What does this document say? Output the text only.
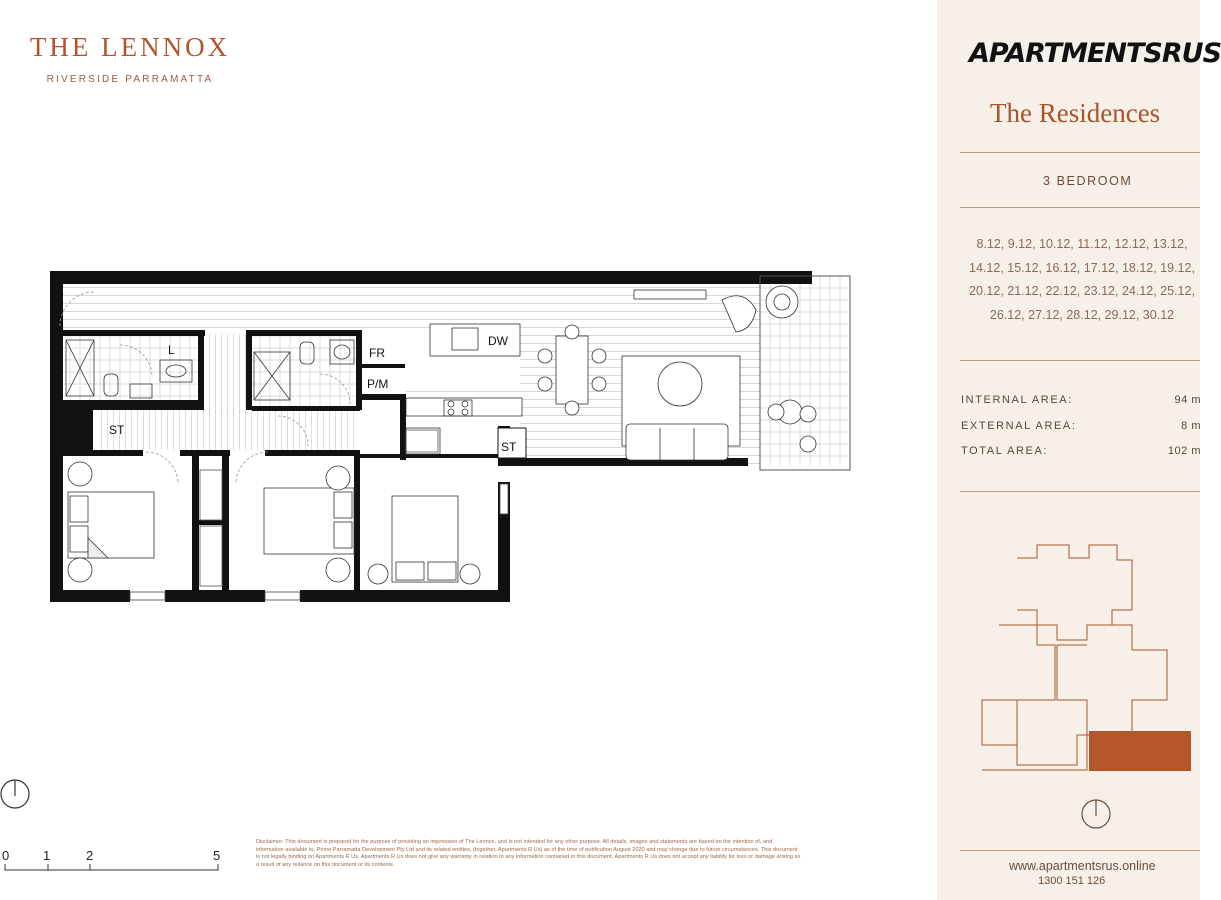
THE LENNOX
RIVERSIDE PARRAMATTA
L	FR
P/M
ST
ST
DW
0	1	2	5
Disclaimer: This document is prepared for the purpose of providing an impression of The Lennox, and is not intended for any other purpose. All details, images and statements are based on the intention of, and information available to, Prime Parramatta Development Pty Ltd and its related entities, (together, Apartments R Us) as of the time of publication August 2020 and may change due to future circumstances. This document is not legally binding on Apartments R Us. Apartments R Us does not give any warranty in relation to any information contained in this document. Apartments R Us does not accept any liability for loss or damage arising as a result of any reliance on this document or its contents.
APARTMENTSRUS
The Residences
3 BEDROOM
8.12, 9.12, 10.12, 11.12, 12.12, 13.12, 14.12, 15.12, 16.12, 17.12, 18.12, 19.12, 20.12, 21.12, 22.12, 23.12, 24.12, 25.12, 26.12, 27.12, 28.12, 29.12, 30.12
INTERNAL AREA:	94 m
EXTERNAL AREA:	8 m
TOTAL AREA:	102 m
www.apartmentsrus.online
1300 151 126
